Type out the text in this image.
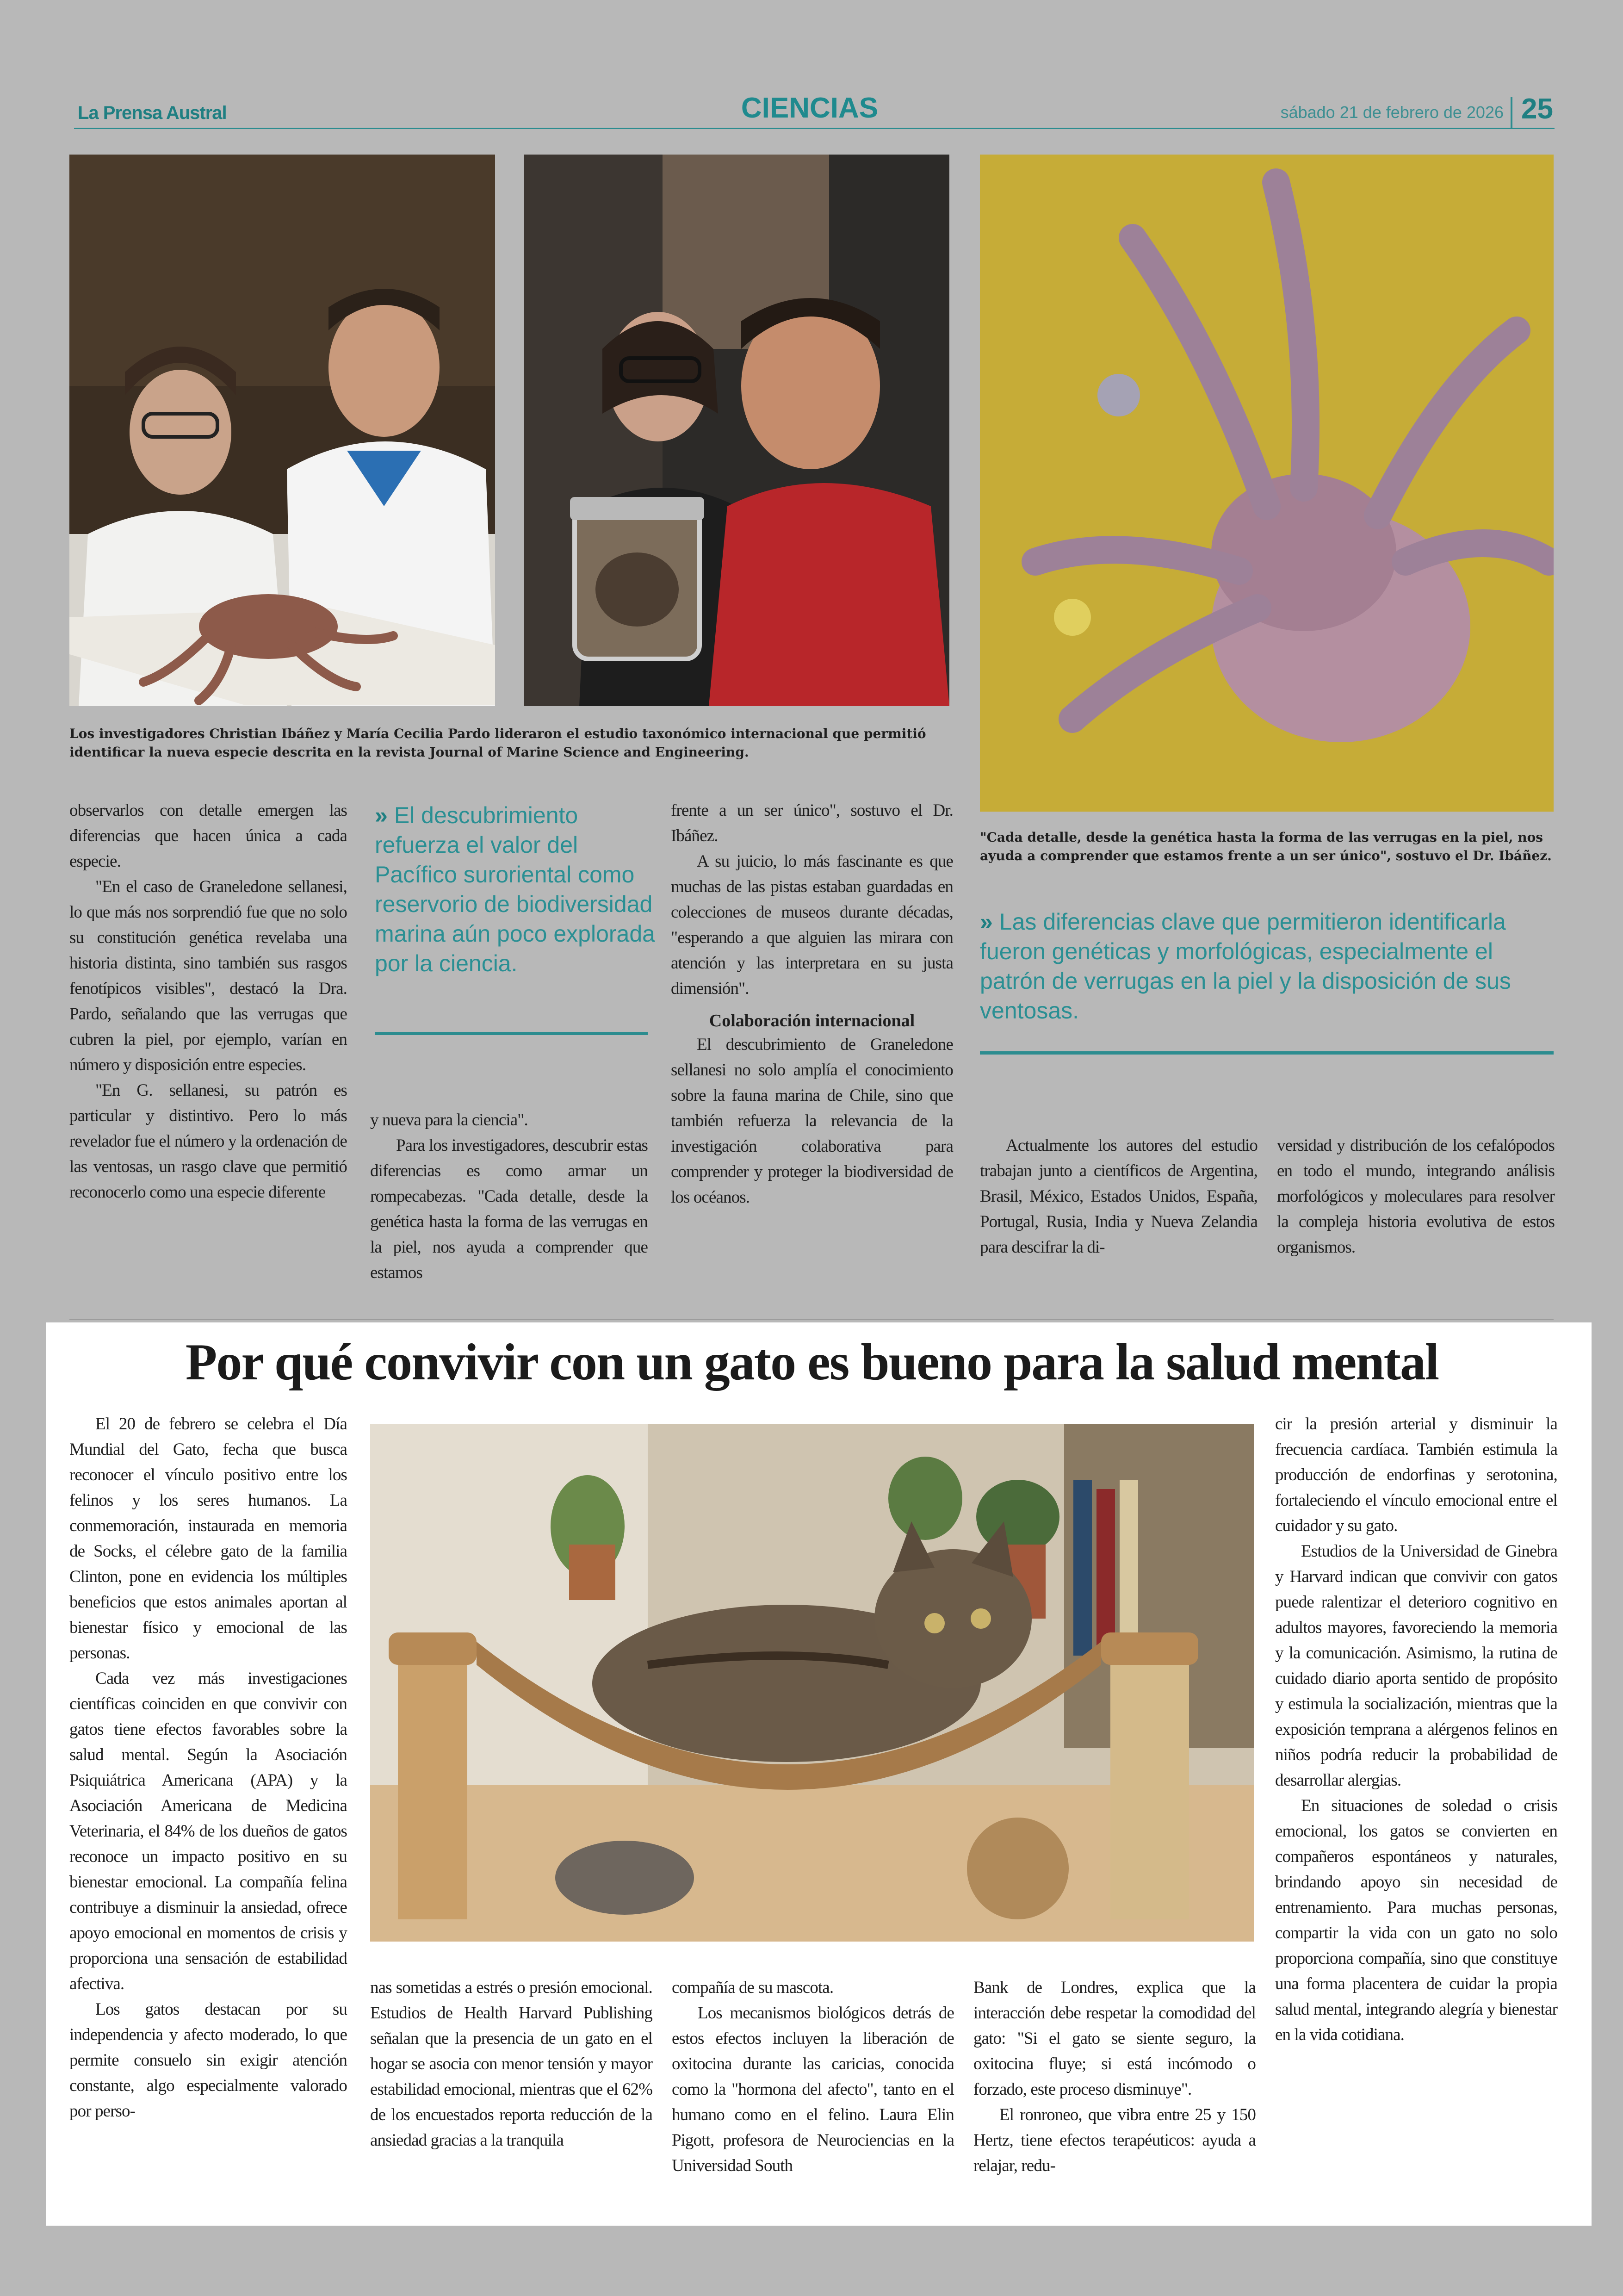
La Prensa Austral	CIENCIAS	sábado 21 de febrero de 2026 25
Los investigadores Christian Ibáñez y María Cecilia Pardo lideraron el estudio taxonómico internacional que permitió identificar la nueva especie descrita en la revista Journal of Marine Science and Engineering.
"Cada detalle, desde la genética hasta la forma de las verrugas en la piel, nos ayuda a comprender que estamos frente a un ser único", sostuvo el Dr. Ibáñez.

observarlos con detalle emergen las diferencias que hacen única a cada especie.

"En el caso de Graneledone sellanesi, lo que más nos sorprendió fue que no solo su constitución genética revelaba una historia distinta, sino también sus rasgos fenotípicos visibles", destacó la Dra. Pardo, señalando que las verrugas que cubren la piel, por ejemplo, varían en número y disposición entre especies.

"En G. sellanesi, su patrón es particular y distintivo. Pero lo más revelador fue el número y la ordenación de las ventosas, un rasgo clave que permitió reconocerlo como una especie diferente

» El descubrimiento refuerza el valor del Pacífico suroriental como reservorio de biodiversidad marina aún poco explorada por la ciencia.

y nueva para la ciencia".

Para los investigadores, descubrir estas diferencias es como armar un rompecabezas. "Cada detalle, desde la genética hasta la forma de las verrugas en la piel, nos ayuda a comprender que estamos

frente a un ser único", sostuvo el Dr. Ibáñez.

A su juicio, lo más fascinante es que muchas de las pistas estaban guardadas en colecciones de museos durante décadas, "esperando a que alguien las mirara con atención y las interpretara en su justa dimensión".

Colaboración internacional

El descubrimiento de Graneledone sellanesi no solo amplía el conocimiento sobre la fauna marina de Chile, sino que también refuerza la relevancia de la investigación colaborativa para comprender y proteger la biodiversidad de los océanos.

» Las diferencias clave que permitieron identificarla fueron genéticas y morfológicas, especialmente el patrón de verrugas en la piel y la disposición de sus ventosas.

Actualmente los autores del estudio trabajan junto a científicos de Argentina, Brasil, México, Estados Unidos, España, Portugal, Rusia, India y Nueva Zelandia para descifrar la di-

versidad y distribución de los cefalópodos en todo el mundo, integrando análisis morfológicos y moleculares para resolver la compleja historia evolutiva de estos organismos.

Por qué convivir con un gato es bueno para la salud mental

El 20 de febrero se celebra el Día Mundial del Gato, fecha que busca reconocer el vínculo positivo entre los felinos y los seres humanos. La conmemoración, instaurada en memoria de Socks, el célebre gato de la familia Clinton, pone en evidencia los múltiples beneficios que estos animales aportan al bienestar físico y emocional de las personas.

Cada vez más investigaciones científicas coinciden en que convivir con gatos tiene efectos favorables sobre la salud mental. Según la Asociación Psiquiátrica Americana (APA) y la Asociación Americana de Medicina Veterinaria, el 84% de los dueños de gatos reconoce un impacto positivo en su bienestar emocional. La compañía felina contribuye a disminuir la ansiedad, ofrece apoyo emocional en momentos de crisis y proporciona una sensación de estabilidad afectiva.

Los gatos destacan por su independencia y afecto moderado, lo que permite consuelo sin exigir atención constante, algo especialmente valorado por perso-

nas sometidas a estrés o presión emocional. Estudios de Health Harvard Publishing señalan que la presencia de un gato en el hogar se asocia con menor tensión y mayor estabilidad emocional, mientras que el 62% de los encuestados reporta reducción de la ansiedad gracias a la tranquila

compañía de su mascota.

Los mecanismos biológicos detrás de estos efectos incluyen la liberación de oxitocina durante las caricias, conocida como la "hormona del afecto", tanto en el humano como en el felino. Laura Elin Pigott, profesora de Neurociencias en la Universidad South

Bank de Londres, explica que la interacción debe respetar la comodidad del gato: "Si el gato se siente seguro, la oxitocina fluye; si está incómodo o forzado, este proceso disminuye".

El ronroneo, que vibra entre 25 y 150 Hertz, tiene efectos terapéuticos: ayuda a relajar, redu-

cir la presión arterial y disminuir la frecuencia cardíaca. También estimula la producción de endorfinas y serotonina, fortaleciendo el vínculo emocional entre el cuidador y su gato.

Estudios de la Universidad de Ginebra y Harvard indican que convivir con gatos puede ralentizar el deterioro cognitivo en adultos mayores, favoreciendo la memoria y la comunicación. Asimismo, la rutina de cuidado diario aporta sentido de propósito y estimula la socialización, mientras que la exposición temprana a alérgenos felinos en niños podría reducir la probabilidad de desarrollar alergias.

En situaciones de soledad o crisis emocional, los gatos se convierten en compañeros espontáneos y naturales, brindando apoyo sin necesidad de entrenamiento. Para muchas personas, compartir la vida con un gato no solo proporciona compañía, sino que constituye una forma placentera de cuidar la propia salud mental, integrando alegría y bienestar en la vida cotidiana.
